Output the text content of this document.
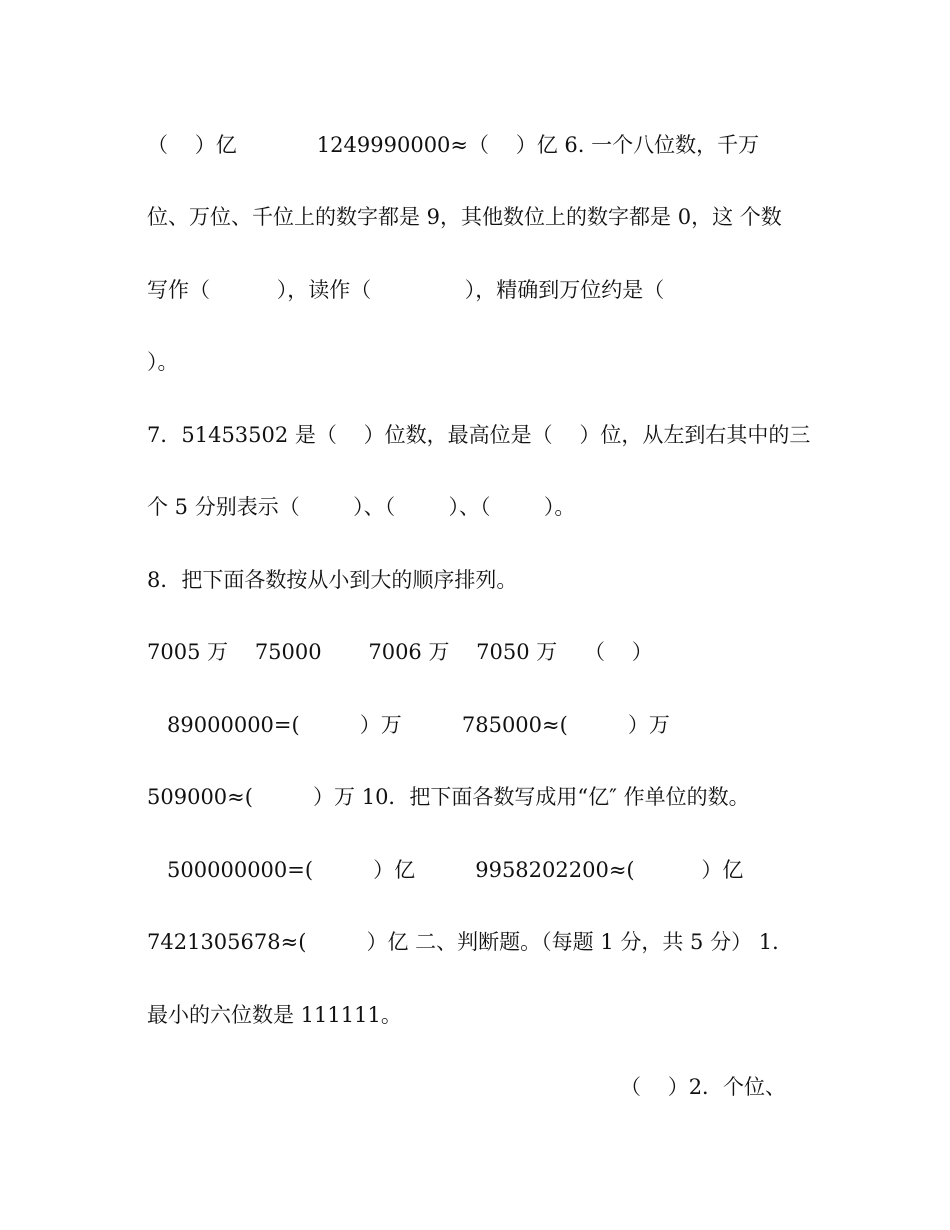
（    ）亿            1249990000≈（    ）亿 6. 一个八位数，千万
位、万位、千位上的数字都是 9，其他数位上的数字都是 0，这 个数
写作（          ），读作（              ），精确到万位约是（
）。
7．51453502 是（    ）位数，最高位是（    ）位，从左到右其中的三
个 5 分别表示（        ）、（        ）、（        ）。
8．把下面各数按从小到大的顺序排列。
7005 万    75000       7006 万    7050 万    （    ）
89000000=(         ）万         785000≈(         ）万
509000≈(         ）万 10．把下面各数写成用“亿″ 作单位的数。
500000000=(         ）亿         9958202200≈(          ）亿
7421305678≈(         ）亿 二、判断题。（每题 1 分，共 5 分） 1．
最小的六位数是 111111。
（    ）2．个位、
